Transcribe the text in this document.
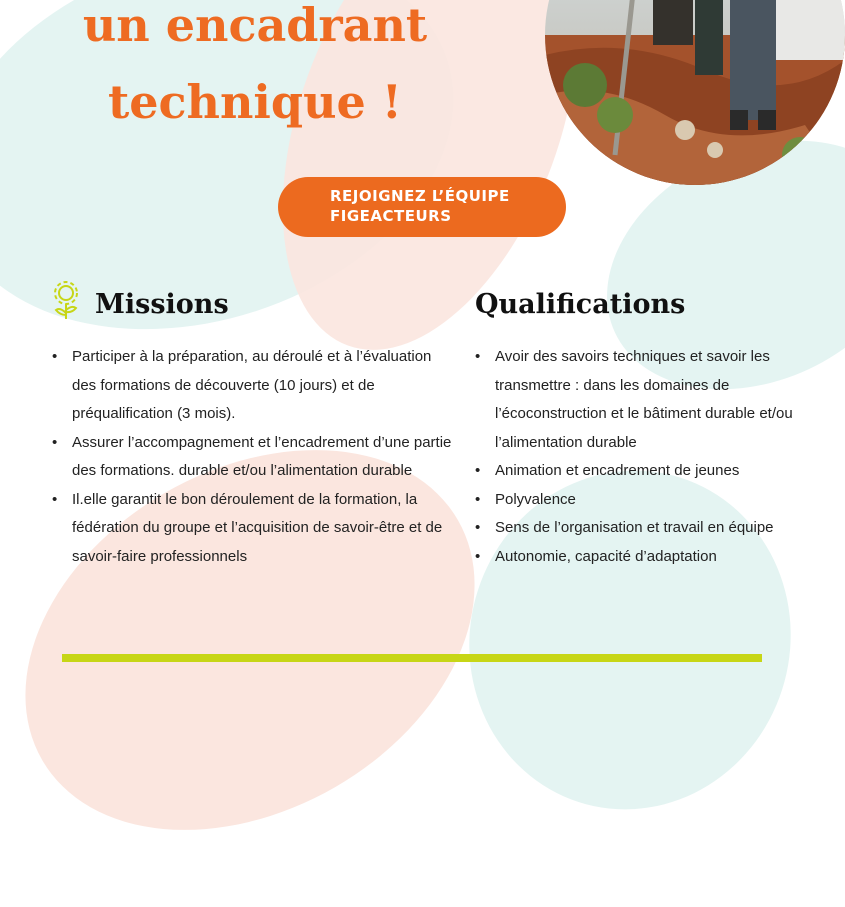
un encadrant
technique !
REJOIGNEZ L’ÉQUIPE
FIGEACTEURS
Missions
• Participer à la préparation, au déroulé et à l’évaluation des formations de découverte (10 jours) et de préqualification (3 mois).
• Assurer l’accompagnement et l’encadrement d’une partie des formations. durable et/ou l’alimentation durable
• Il.elle garantit le bon déroulement de la formation, la fédération du groupe et l’acquisition de savoir-être et de savoir-faire professionnels
Qualifications
• Avoir des savoirs techniques et savoir les transmettre : dans les domaines de l’écoconstruction et le bâtiment durable et/ou l’alimentation durable
• Animation et encadrement de jeunes
• Polyvalence
• Sens de l’organisation et travail en équipe
• Autonomie, capacité d’adaptation
